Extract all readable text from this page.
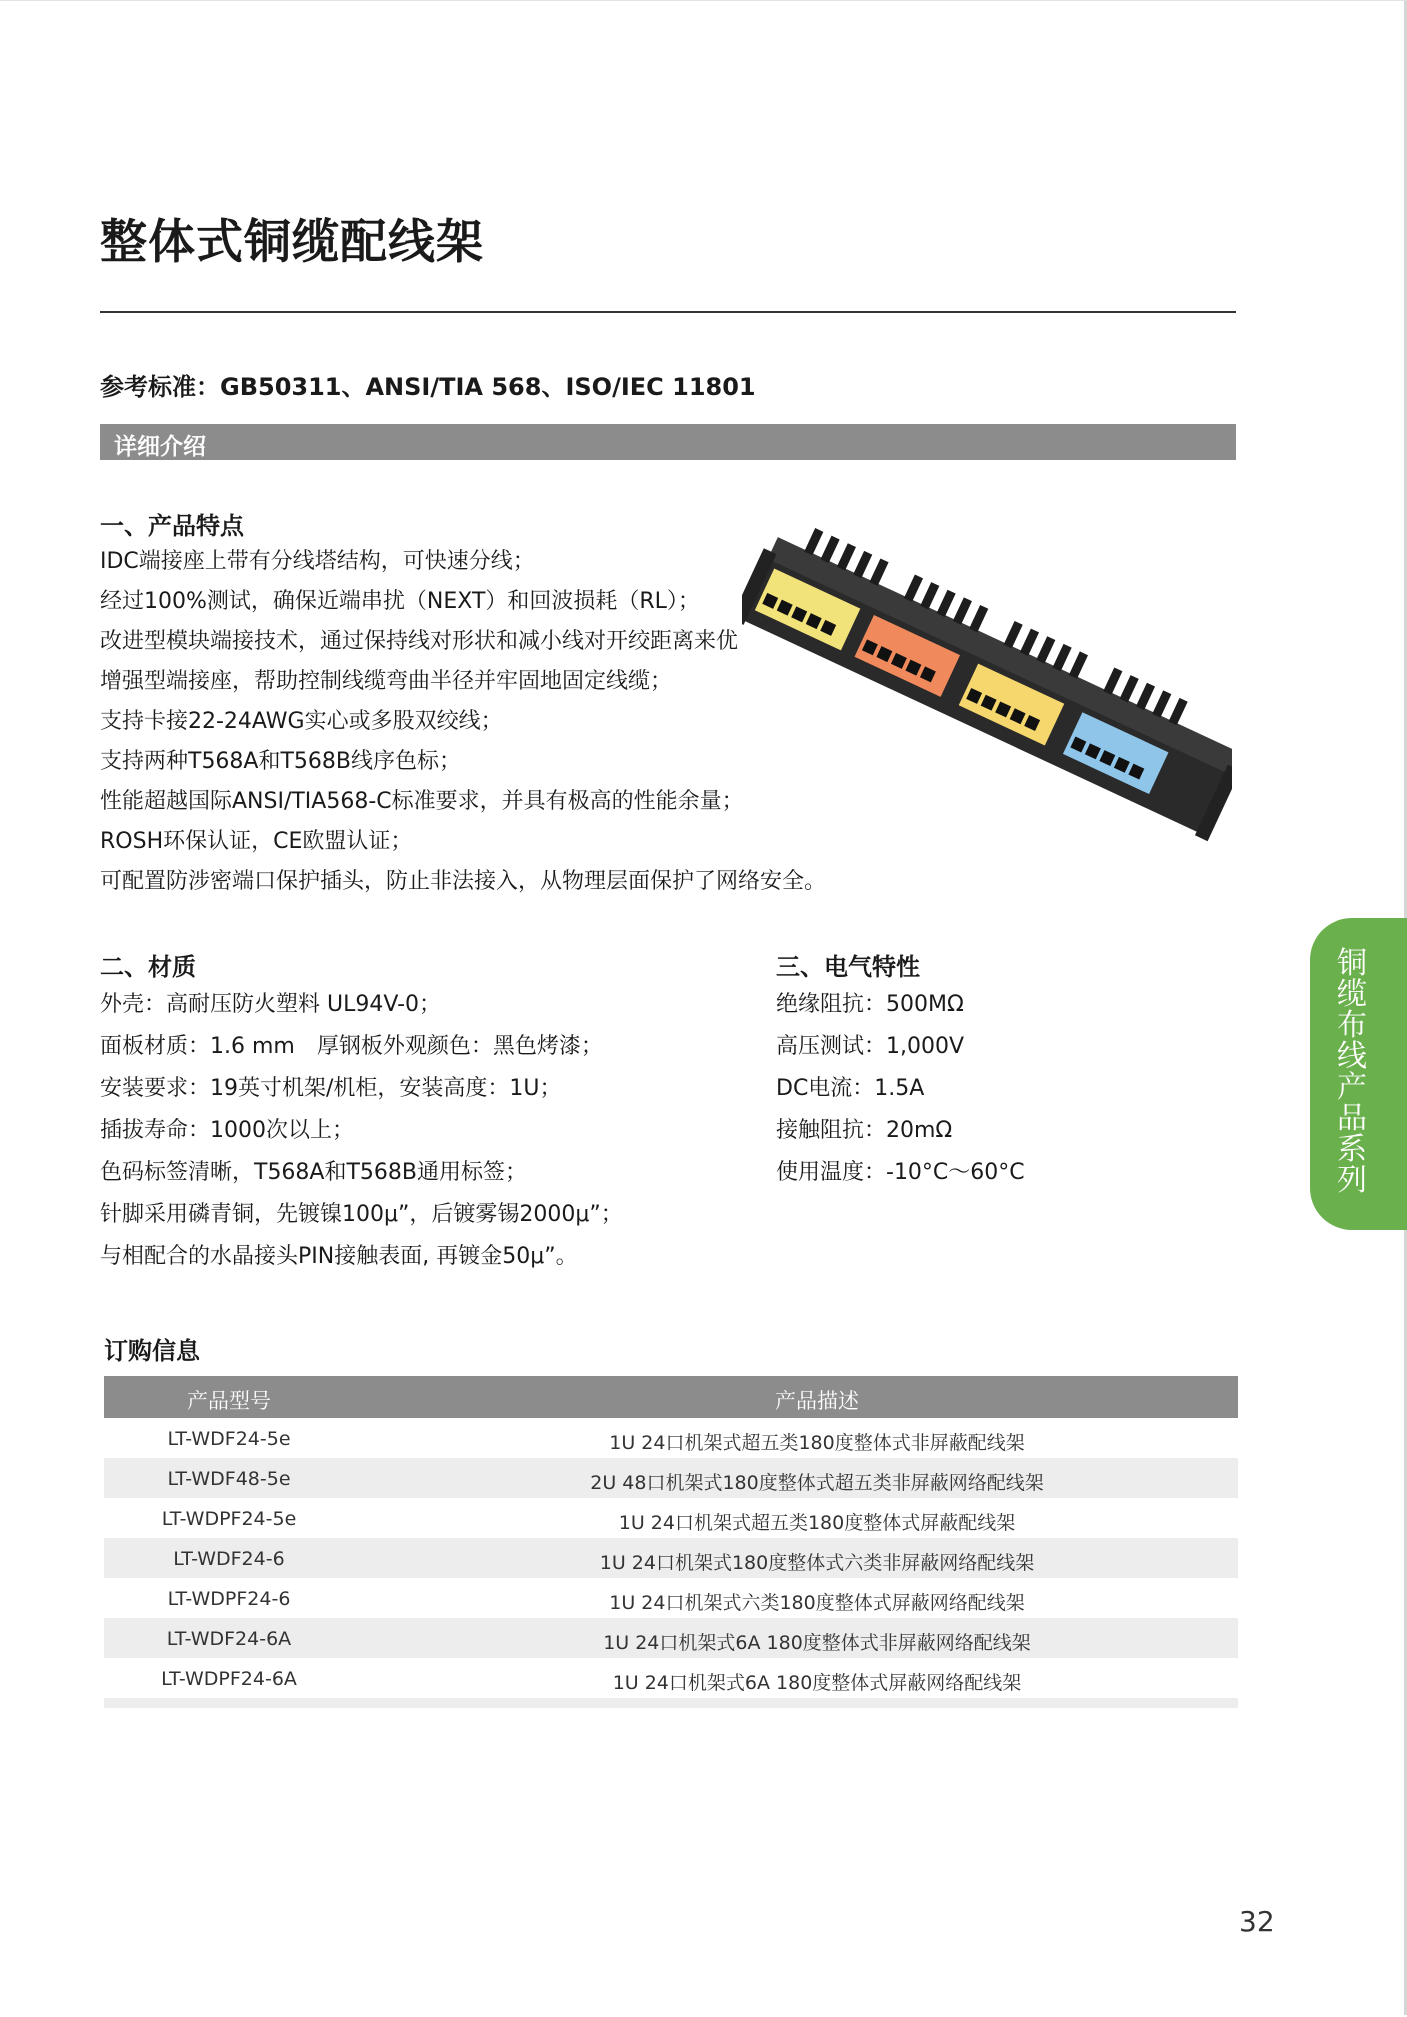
整体式铜缆配线架
参考标准：GB50311、ANSI/TIA 568、ISO/IEC 11801
详细介绍
一、产品特点
IDC端接座上带有分线塔结构，可快速分线；
经过100%测试，确保近端串扰（NEXT）和回波损耗（RL）；
改进型模块端接技术，通过保持线对形状和减小线对开绞距离来优
增强型端接座，帮助控制线缆弯曲半径并牢固地固定线缆；
支持卡接22-24AWG实心或多股双绞线；
支持两种T568A和T568B线序色标；
性能超越国际ANSI/TIA568-C标准要求，并具有极高的性能余量；
ROSH环保认证，CE欧盟认证；
可配置防涉密端口保护插头，防止非法接入，从物理层面保护了网络安全。
二、材质
外壳：高耐压防火塑料 UL94V-0；
面板材质：1.6 mm　厚钢板外观颜色：黑色烤漆；
安装要求：19英寸机架/机柜，安装高度：1U；
插拔寿命：1000次以上；
色码标签清晰，T568A和T568B通用标签；
针脚采用磷青铜，先镀镍100μ”，后镀雾锡2000μ”；
与相配合的水晶接头PIN接触表面, 再镀金50μ”。
三、电气特性
绝缘阻抗：500MΩ
高压测试：1,000V
DC电流：1.5A
接触阻抗：20mΩ
使用温度：-10°C～60°C
铜缆布线产品系列
订购信息
产品型号	产品描述
LT-WDF24-5e	1U 24口机架式超五类180度整体式非屏蔽配线架
LT-WDF48-5e	2U 48口机架式180度整体式超五类非屏蔽网络配线架
LT-WDPF24-5e	1U 24口机架式超五类180度整体式屏蔽配线架
LT-WDF24-6	1U 24口机架式180度整体式六类非屏蔽网络配线架
LT-WDPF24-6	1U 24口机架式六类180度整体式屏蔽网络配线架
LT-WDF24-6A	1U 24口机架式6A 180度整体式非屏蔽网络配线架
LT-WDPF24-6A	1U 24口机架式6A 180度整体式屏蔽网络配线架
32
